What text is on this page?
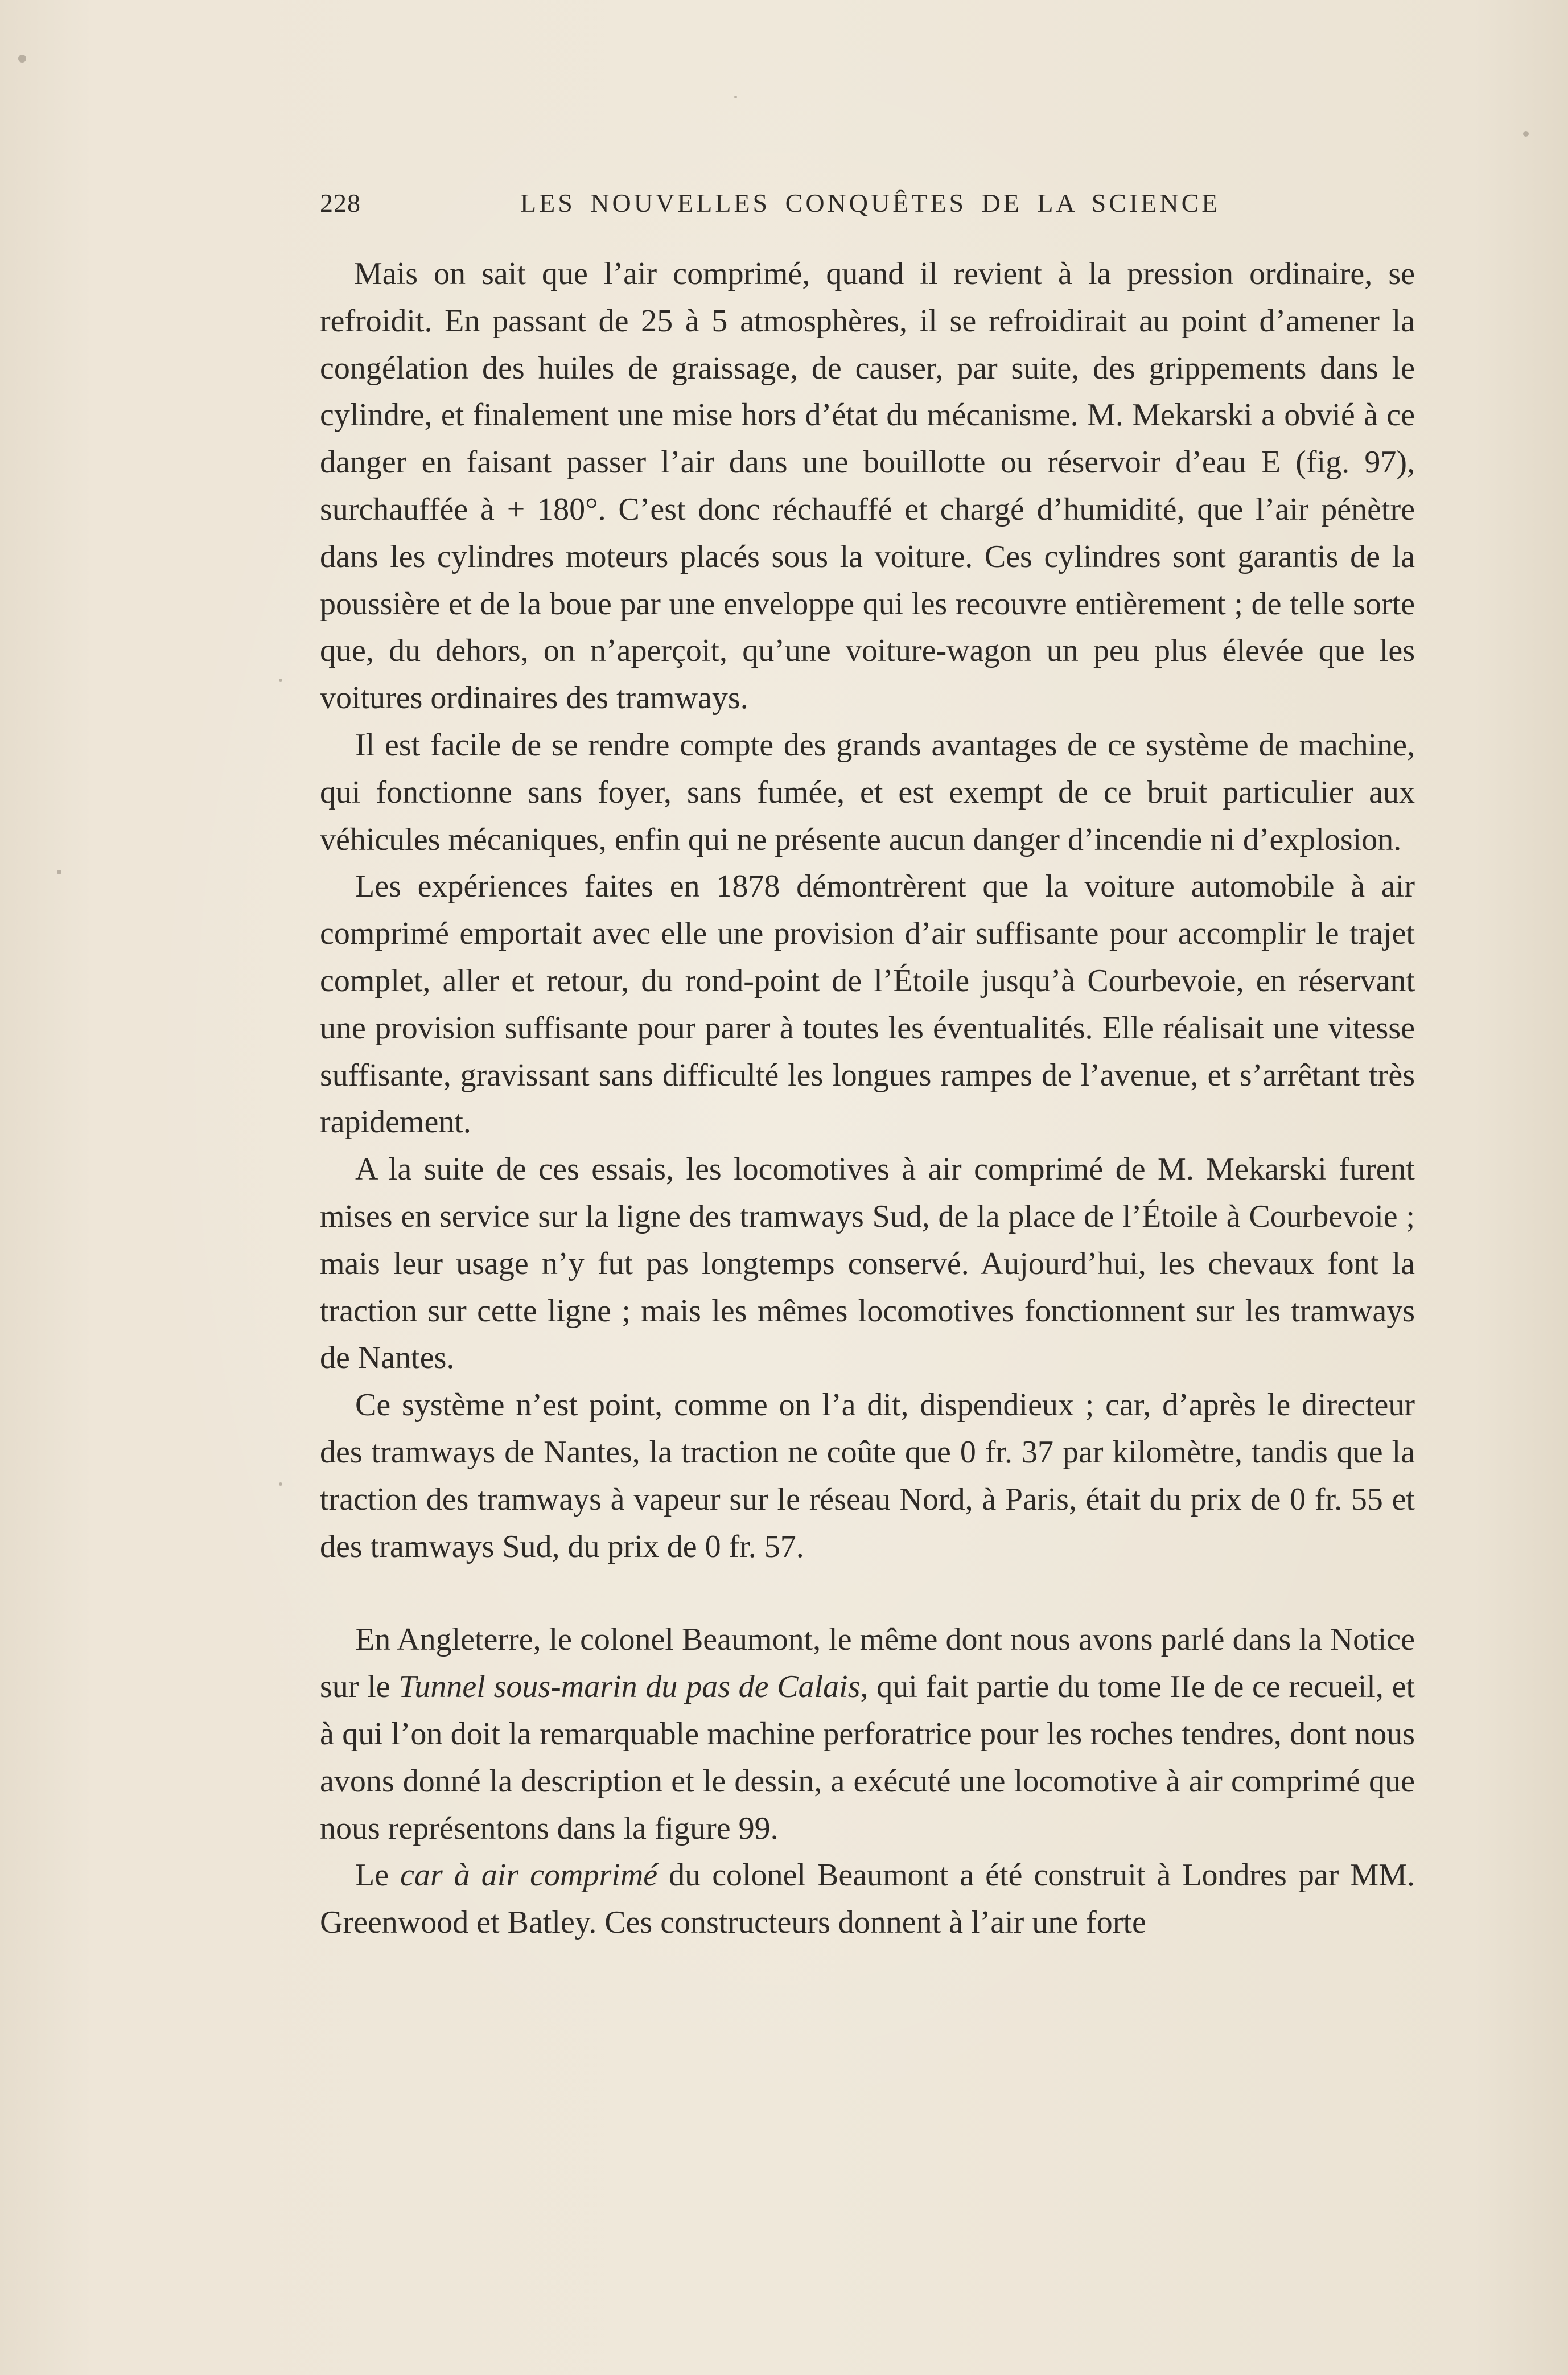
228	LES NOUVELLES CONQUÊTES DE LA SCIENCE

Mais on sait que l’air comprimé, quand il revient à la pression ordinaire, se refroidit. En passant de 25 à 5 atmosphères, il se refroidirait au point d’amener la congélation des huiles de graissage, de causer, par suite, des grippements dans le cylindre, et finalement une mise hors d’état du mécanisme. M. Mekarski a obvié à ce danger en faisant passer l’air dans une bouillotte ou réservoir d’eau E (fig. 97), surchauffée à + 180°. C’est donc réchauffé et chargé d’humidité, que l’air pénètre dans les cylindres moteurs placés sous la voiture. Ces cylindres sont garantis de la poussière et de la boue par une enveloppe qui les recouvre entièrement ; de telle sorte que, du dehors, on n’aperçoit, qu’une voiture-wagon un peu plus élevée que les voitures ordinaires des tramways.

Il est facile de se rendre compte des grands avantages de ce système de machine, qui fonctionne sans foyer, sans fumée, et est exempt de ce bruit particulier aux véhicules mécaniques, enfin qui ne présente aucun danger d’incendie ni d’explosion.

Les expériences faites en 1878 démontrèrent que la voiture automobile à air comprimé emportait avec elle une provision d’air suffisante pour accomplir le trajet complet, aller et retour, du rond-point de l’Étoile jusqu’à Courbevoie, en réservant une provision suffisante pour parer à toutes les éventualités. Elle réalisait une vitesse suffisante, gravissant sans difficulté les longues rampes de l’avenue, et s’arrêtant très rapidement.

A la suite de ces essais, les locomotives à air comprimé de M. Mekarski furent mises en service sur la ligne des tramways Sud, de la place de l’Étoile à Courbevoie ; mais leur usage n’y fut pas longtemps conservé. Aujourd’hui, les chevaux font la traction sur cette ligne ; mais les mêmes locomotives fonctionnent sur les tramways de Nantes.

Ce système n’est point, comme on l’a dit, dispendieux ; car, d’après le directeur des tramways de Nantes, la traction ne coûte que 0 fr. 37 par kilomètre, tandis que la traction des tramways à vapeur sur le réseau Nord, à Paris, était du prix de 0 fr. 55 et des tramways Sud, du prix de 0 fr. 57.

En Angleterre, le colonel Beaumont, le même dont nous avons parlé dans la Notice sur le Tunnel sous-marin du pas de Calais, qui fait partie du tome IIe de ce recueil, et à qui l’on doit la remarquable machine perforatrice pour les roches tendres, dont nous avons donné la description et le dessin, a exécuté une locomotive à air comprimé que nous représentons dans la figure 99.

Le car à air comprimé du colonel Beaumont a été construit à Londres par MM. Greenwood et Batley. Ces constructeurs donnent à l’air une forte
